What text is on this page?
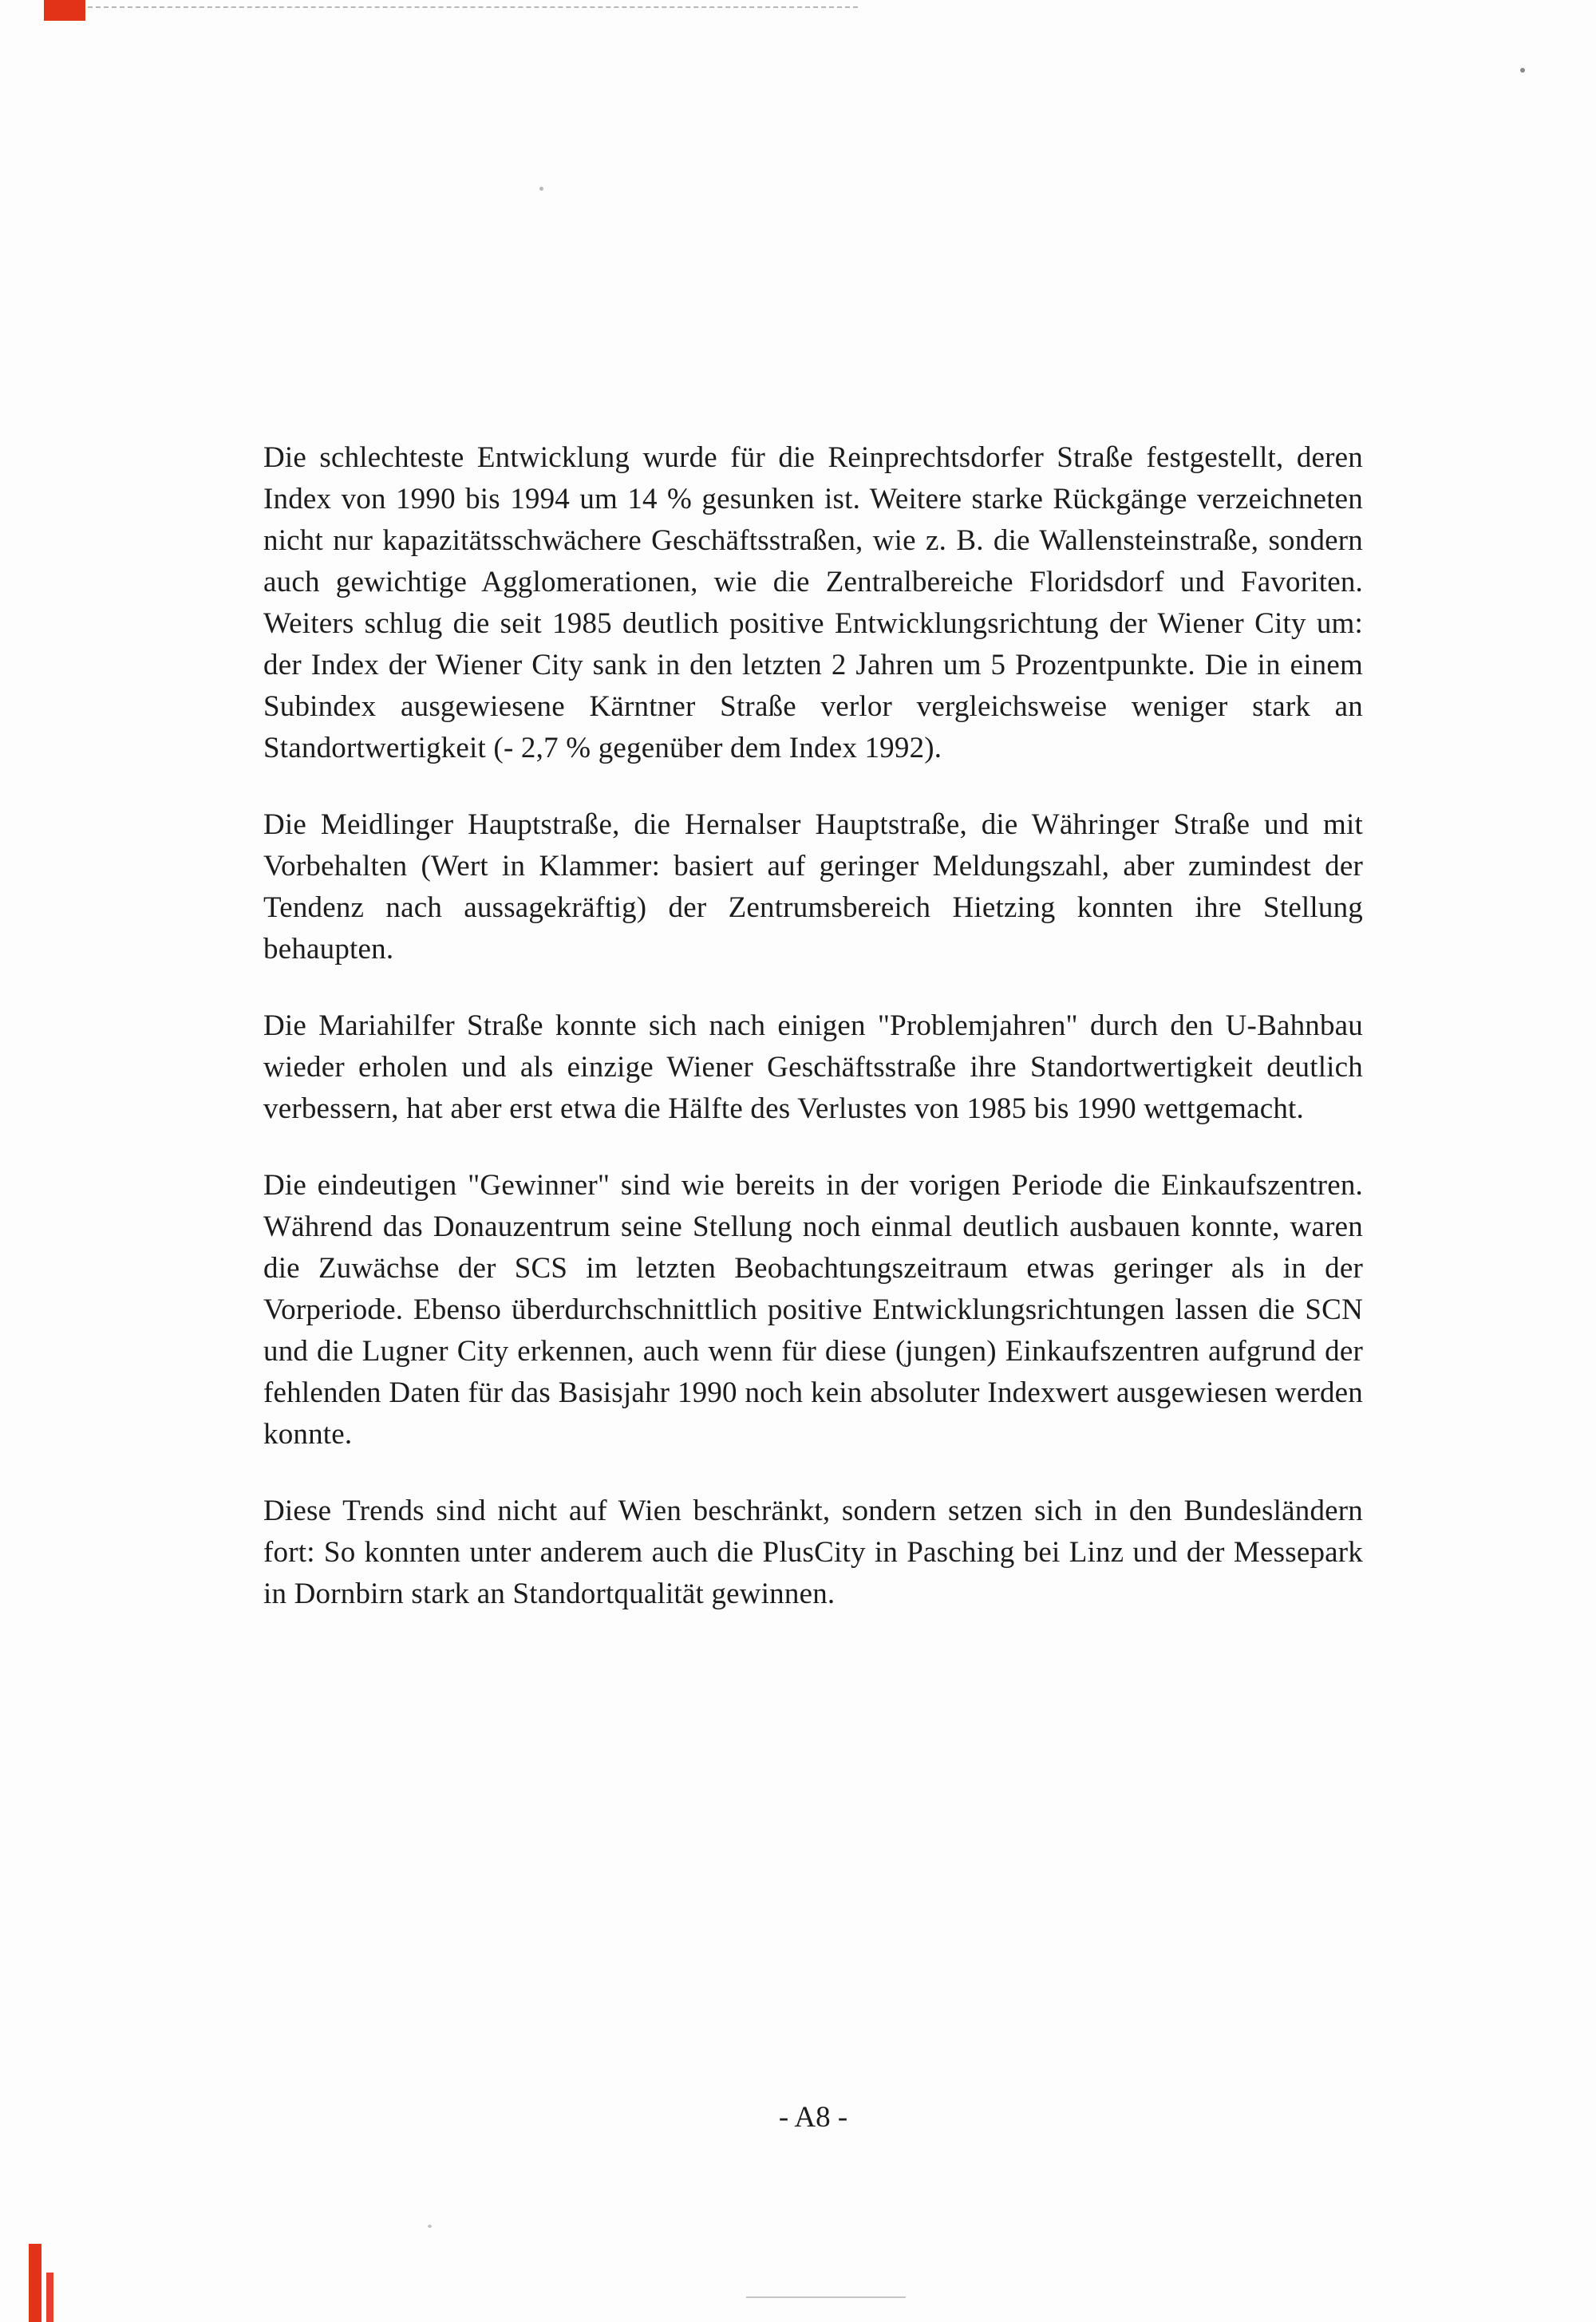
Die schlechteste Entwicklung wurde für die Reinprechtsdorfer Straße festgestellt, deren Index von 1990 bis 1994 um 14 % gesunken ist. Weitere starke Rückgänge verzeichneten nicht nur kapazitätsschwächere Geschäftsstraßen, wie z. B. die Wallensteinstraße, sondern auch gewichtige Agglomerationen, wie die Zentralbereiche Floridsdorf und Favoriten. Weiters schlug die seit 1985 deutlich positive Entwicklungsrichtung der Wiener City um: der Index der Wiener City sank in den letzten 2 Jahren um 5 Prozentpunkte. Die in einem Subindex ausgewiesene Kärntner Straße verlor vergleichsweise weniger stark an Standortwertigkeit (- 2,7 % gegenüber dem Index 1992).

Die Meidlinger Hauptstraße, die Hernalser Hauptstraße, die Währinger Straße und mit Vorbehalten (Wert in Klammer: basiert auf geringer Meldungszahl, aber zumindest der Tendenz nach aussagekräftig) der Zentrumsbereich Hietzing konnten ihre Stellung behaupten.

Die Mariahilfer Straße konnte sich nach einigen "Problemjahren" durch den U-Bahnbau wieder erholen und als einzige Wiener Geschäftsstraße ihre Standortwertigkeit deutlich verbessern, hat aber erst etwa die Hälfte des Verlustes von 1985 bis 1990 wettgemacht.

Die eindeutigen "Gewinner" sind wie bereits in der vorigen Periode die Einkaufszentren. Während das Donauzentrum seine Stellung noch einmal deutlich ausbauen konnte, waren die Zuwächse der SCS im letzten Beobachtungszeitraum etwas geringer als in der Vorperiode. Ebenso überdurchschnittlich positive Entwicklungsrichtungen lassen die SCN und die Lugner City erkennen, auch wenn für diese (jungen) Einkaufszentren aufgrund der fehlenden Daten für das Basisjahr 1990 noch kein absoluter Indexwert ausgewiesen werden konnte.

Diese Trends sind nicht auf Wien beschränkt, sondern setzen sich in den Bundesländern fort: So konnten unter anderem auch die PlusCity in Pasching bei Linz und der Messepark in Dornbirn stark an Standortqualität gewinnen.

- A8 -
